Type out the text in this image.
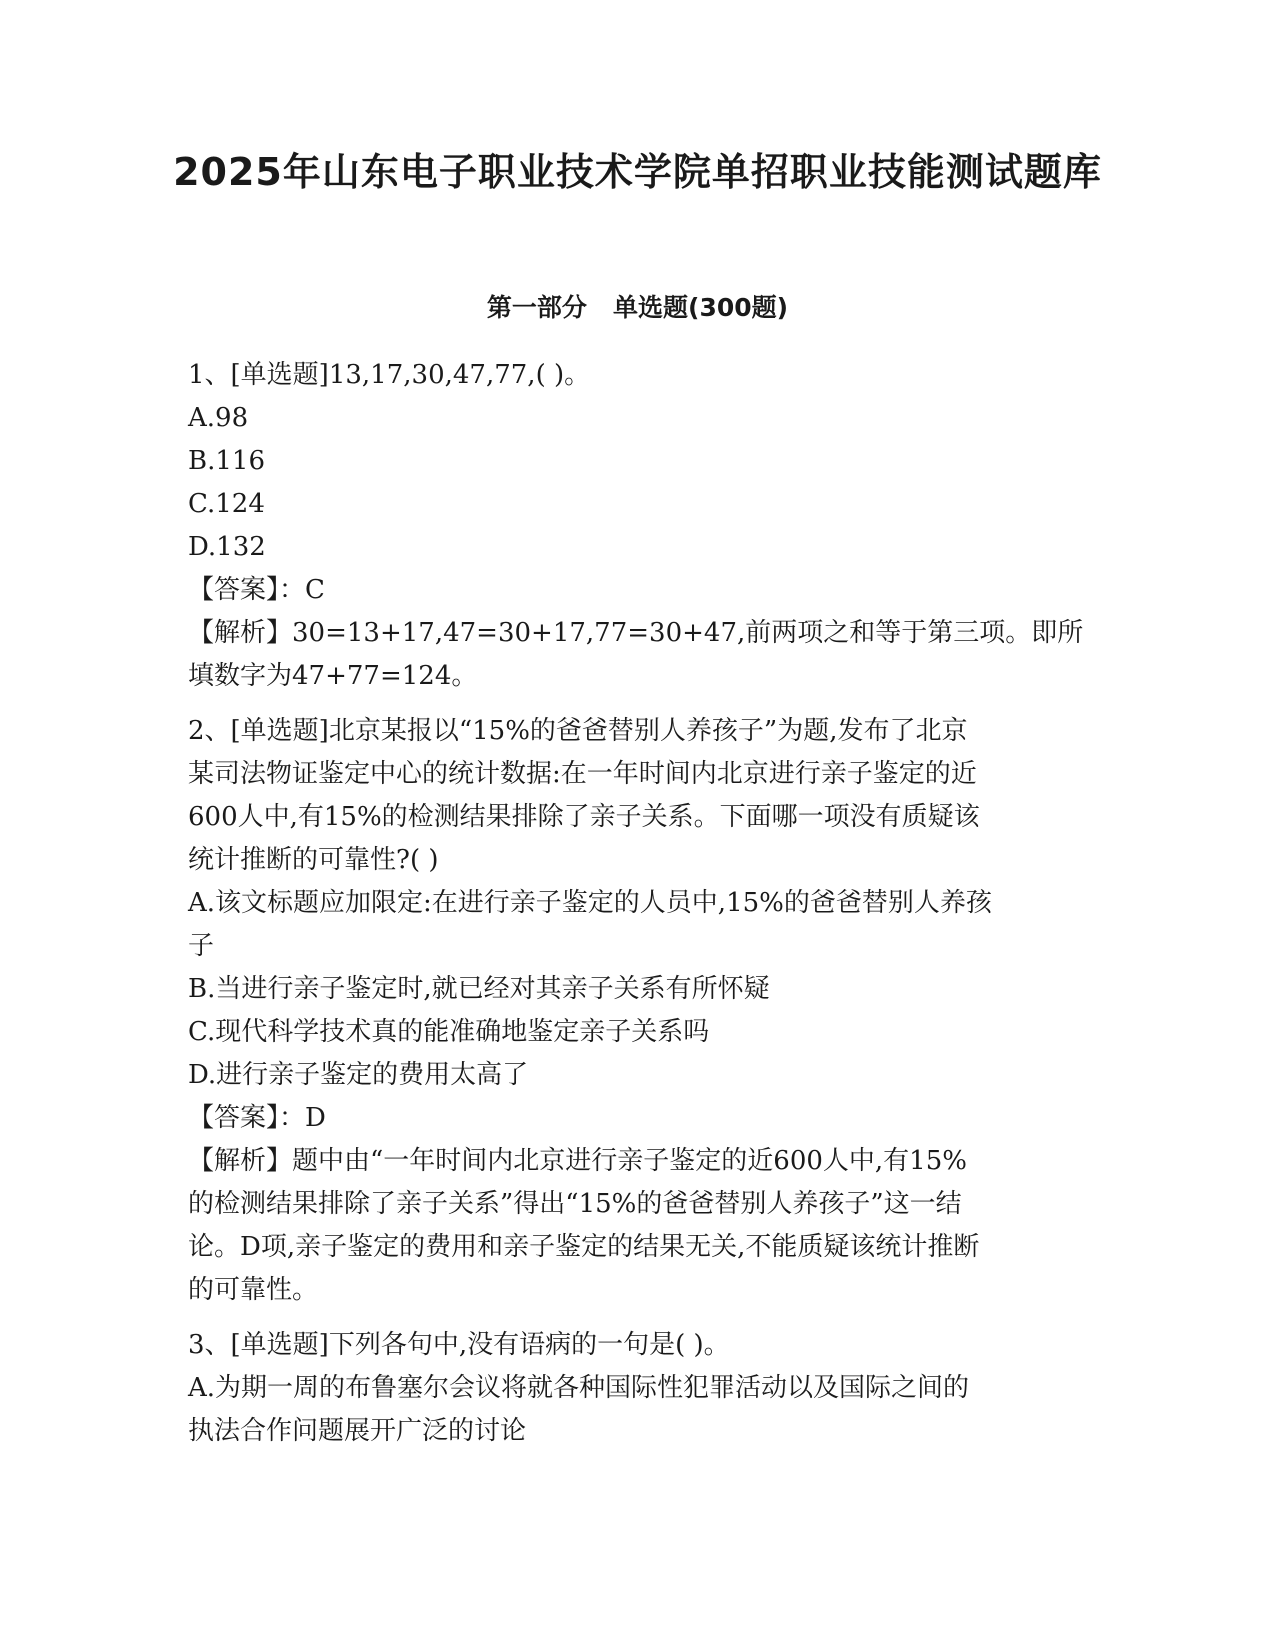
2025年山东电子职业技术学院单招职业技能测试题库
第一部分   单选题(300题)
1、[单选题]13,17,30,47,77,( )。
A.98
B.116
C.124
D.132
【答案】：C
【解析】30=13+17,47=30+17,77=30+47,前两项之和等于第三项。即所
填数字为47+77=124。
2、[单选题]北京某报以“15%的爸爸替别人养孩子”为题,发布了北京
某司法物证鉴定中心的统计数据:在一年时间内北京进行亲子鉴定的近
600人中,有15%的检测结果排除了亲子关系。下面哪一项没有质疑该
统计推断的可靠性?( )
A.该文标题应加限定:在进行亲子鉴定的人员中,15%的爸爸替别人养孩
子
B.当进行亲子鉴定时,就已经对其亲子关系有所怀疑
C.现代科学技术真的能准确地鉴定亲子关系吗
D.进行亲子鉴定的费用太高了
【答案】：D
【解析】题中由“一年时间内北京进行亲子鉴定的近600人中,有15%
的检测结果排除了亲子关系”得出“15%的爸爸替别人养孩子”这一结
论。D项,亲子鉴定的费用和亲子鉴定的结果无关,不能质疑该统计推断
的可靠性。
3、[单选题]下列各句中,没有语病的一句是( )。
A.为期一周的布鲁塞尔会议将就各种国际性犯罪活动以及国际之间的
执法合作问题展开广泛的讨论
